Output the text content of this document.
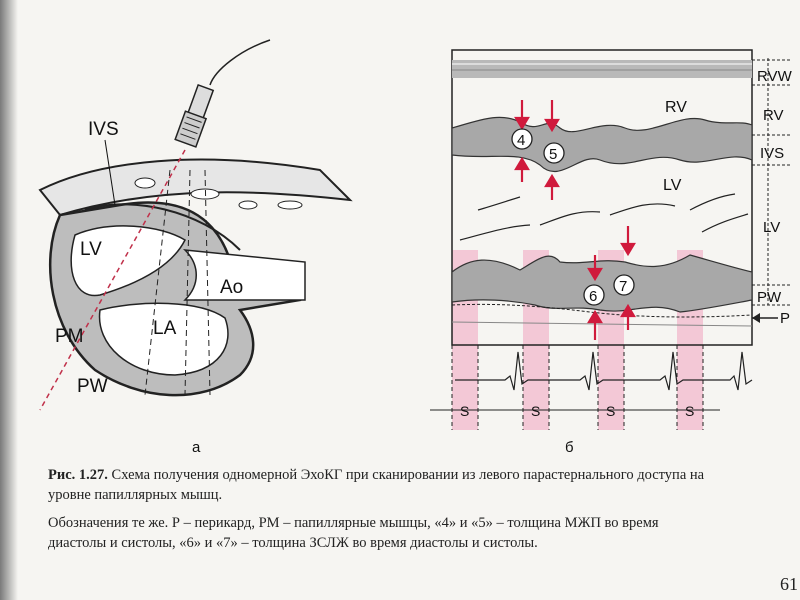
IVS
LV
Ao
PM	LA
PW
а
S	S	S	S
4
5
6
7
RV
LV
RVW
RV
IVS
LV
PW
P
б
Рис. 1.27. Схема получения одномерной ЭхоКГ при сканировании из левого парастернального доступа на
уровне папиллярных мышц.
Обозначения те же. Р – перикард, РМ – папиллярные мышцы, «4» и «5» – толщина МЖП во время
диастолы и систолы, «6» и «7» – толщина ЗСЛЖ во время диастолы и систолы.
61
